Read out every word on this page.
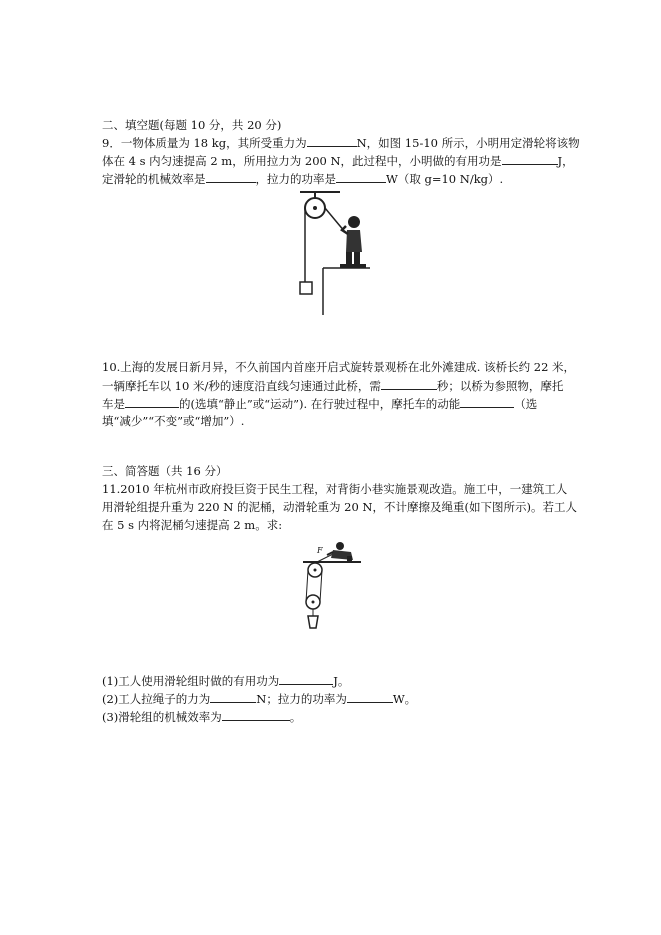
二、填空题(每题 10 分，共 20 分)
9．一物体质量为 18 kg，其所受重力为	N，如图 15-10 所示，小明用定滑轮将该物
体在 4 s 内匀速提高 2 m，所用拉力为 200 N，此过程中，小明做的有用功是	J，
定滑轮的机械效率是	，拉力的功率是	W（取 g=10 N/kg）.
10.上海的发展日新月异，不久前国内首座开启式旋转景观桥在北外滩建成. 该桥长约 22 米，
一辆摩托车以 10 米/秒的速度沿直线匀速通过此桥，需	秒；以桥为参照物，摩托
车是	的(选填“静止”或“运动”). 在行驶过程中，摩托车的动能	（选
填“减少”“不变”或“增加”）.
三、简答题（共 16 分）
11.2010 年杭州市政府投巨资于民生工程，对背街小巷实施景观改造。施工中，一建筑工人
用滑轮组提升重为 220 N 的泥桶，动滑轮重为 20 N，不计摩擦及绳重(如下图所示)。若工人
在 5 s 内将泥桶匀速提高 2 m。求:
F
(1)工人使用滑轮组时做的有用功为	J。
(2)工人拉绳子的力为	N；拉力的功率为	W。
(3)滑轮组的机械效率为	。
